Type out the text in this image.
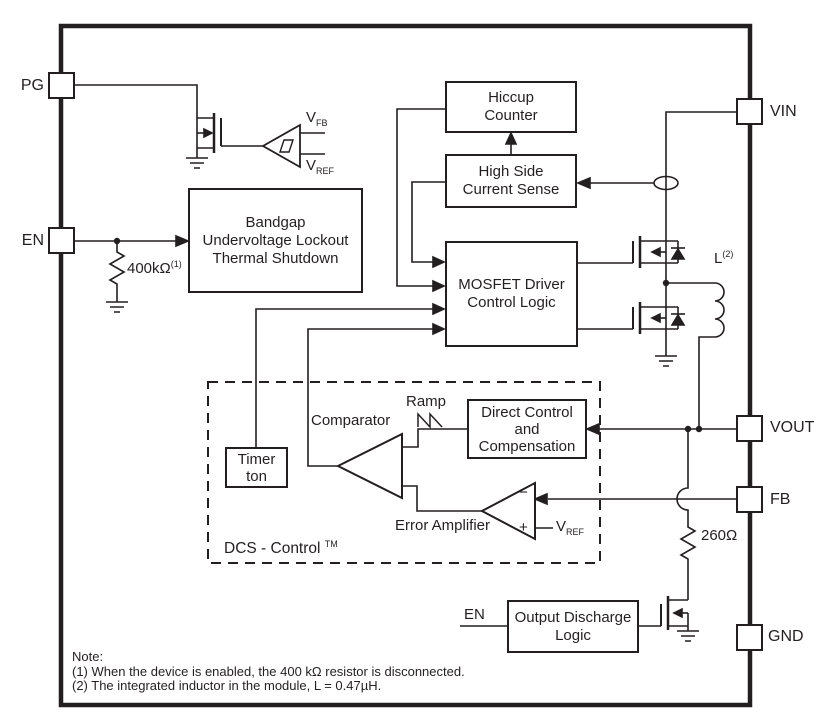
Hiccup
Counter
High Side
Current Sense
MOSFET Driver
Control Logic
Bandgap
Undervoltage Lockout
Thermal Shutdown
Direct Control
and
Compensation
Timer
ton
Output Discharge
Logic
PG
EN
VIN
VOUT
FB
GND
$V_{FB}$
$V_{REF}$
$400k\Omega^{(1)}$	$L^{(2)}$
260Ω
Ramp
Comparator
Error Amplifier	$V_{REF}$
DCS - Control ™
EN
−
+
Note:
(1) When the device is enabled, the 400 kΩ resistor is disconnected.
(2) The integrated inductor in the module, L = 0.47µH.
